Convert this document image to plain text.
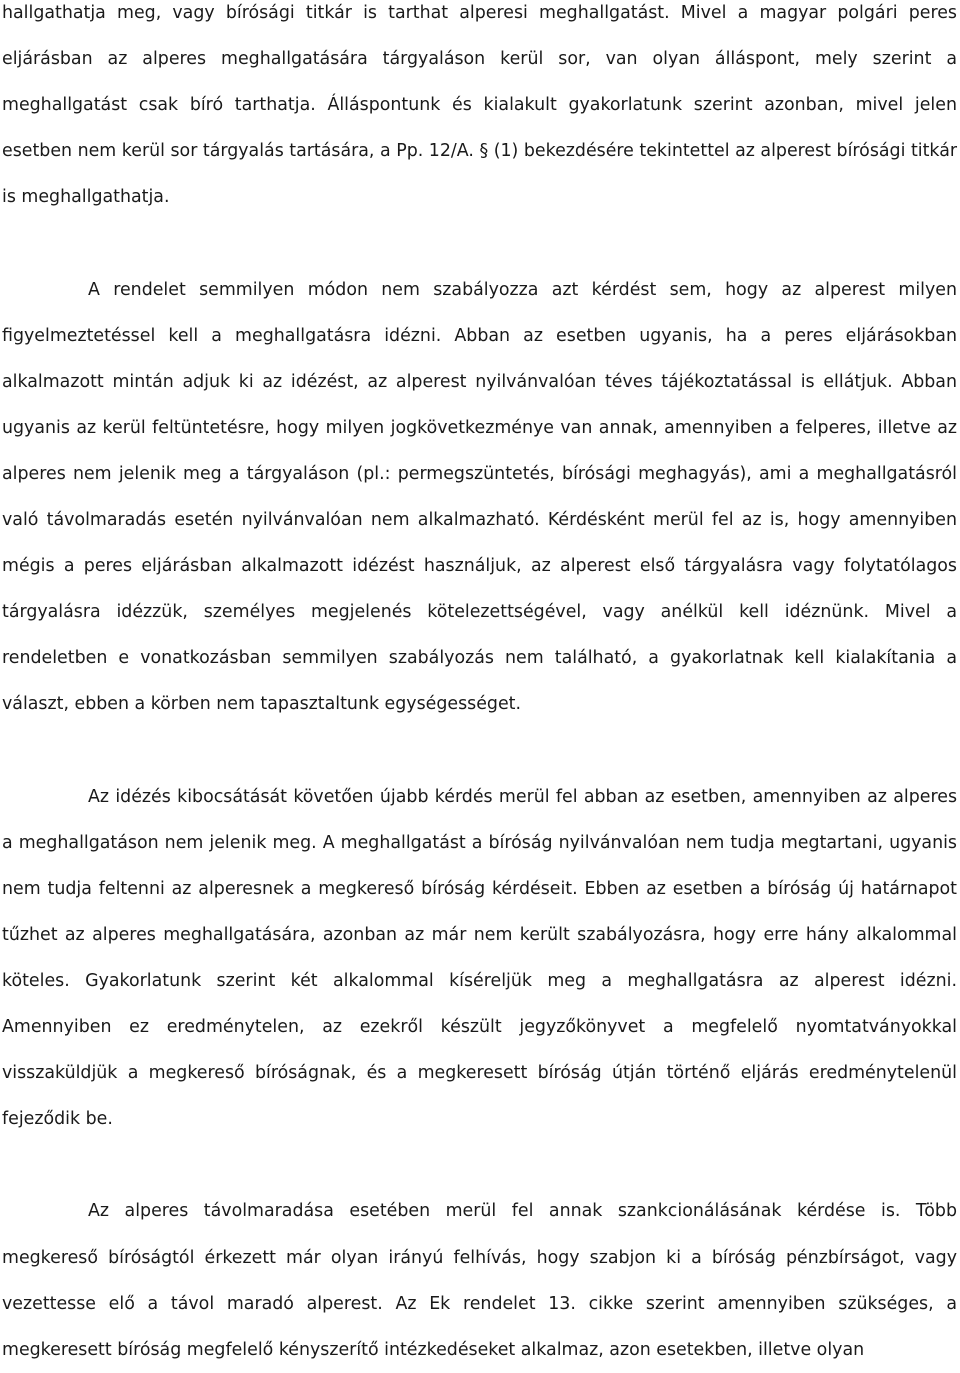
hallgathatja meg, vagy bírósági titkár is tarthat alperesi meghallgatást. Mivel a magyar polgári peres eljárásban az alperes meghallgatására tárgyaláson kerül sor, van olyan álláspont, mely szerint a meghallgatást csak bíró tarthatja. Álláspontunk és kialakult gyakorlatunk szerint azonban, mivel jelen esetben nem kerül sor tárgyalás tartására, a Pp. 12/A. § (1) bekezdésére tekintettel az alperest bírósági titkár is meghallgathatja.

A rendelet semmilyen módon nem szabályozza azt kérdést sem, hogy az alperest milyen figyelmeztetéssel kell a meghallgatásra idézni. Abban az esetben ugyanis, ha a peres eljárásokban alkalmazott mintán adjuk ki az idézést, az alperest nyilvánvalóan téves tájékoztatással is ellátjuk. Abban ugyanis az kerül feltüntetésre, hogy milyen jogkövetkezménye van annak, amennyiben a felperes, illetve az alperes nem jelenik meg a tárgyaláson (pl.: permegszüntetés, bírósági meghagyás), ami a meghallgatásról való távolmaradás esetén nyilvánvalóan nem alkalmazható. Kérdésként merül fel az is, hogy amennyiben mégis a peres eljárásban alkalmazott idézést használjuk, az alperest első tárgyalásra vagy folytatólagos tárgyalásra idézzük, személyes megjelenés kötelezettségével, vagy anélkül kell idéznünk. Mivel a rendeletben e vonatkozásban semmilyen szabályozás nem található, a gyakorlatnak kell kialakítania a választ, ebben a körben nem tapasztaltunk egységességet.

Az idézés kibocsátását követően újabb kérdés merül fel abban az esetben, amennyiben az alperes a meghallgatáson nem jelenik meg. A meghallgatást a bíróság nyilvánvalóan nem tudja megtartani, ugyanis nem tudja feltenni az alperesnek a megkereső bíróság kérdéseit. Ebben az esetben a bíróság új határnapot tűzhet az alperes meghallgatására, azonban az már nem került szabályozásra, hogy erre hány alkalommal köteles. Gyakorlatunk szerint két alkalommal kíséreljük meg a meghallgatásra az alperest idézni. Amennyiben ez eredménytelen, az ezekről készült jegyzőkönyvet a megfelelő nyomtatványokkal visszaküldjük a megkereső bíróságnak, és a megkeresett bíróság útján történő eljárás eredménytelenül fejeződik be.

Az alperes távolmaradása esetében merül fel annak szankcionálásának kérdése is. Több megkereső bíróságtól érkezett már olyan irányú felhívás, hogy szabjon ki a bíróság pénzbírságot, vagy vezettesse elő a távol maradó alperest. Az Ek rendelet 13. cikke szerint amennyiben szükséges, a megkeresett bíróság megfelelő kényszerítő intézkedéseket alkalmaz, azon esetekben, illetve olyan
